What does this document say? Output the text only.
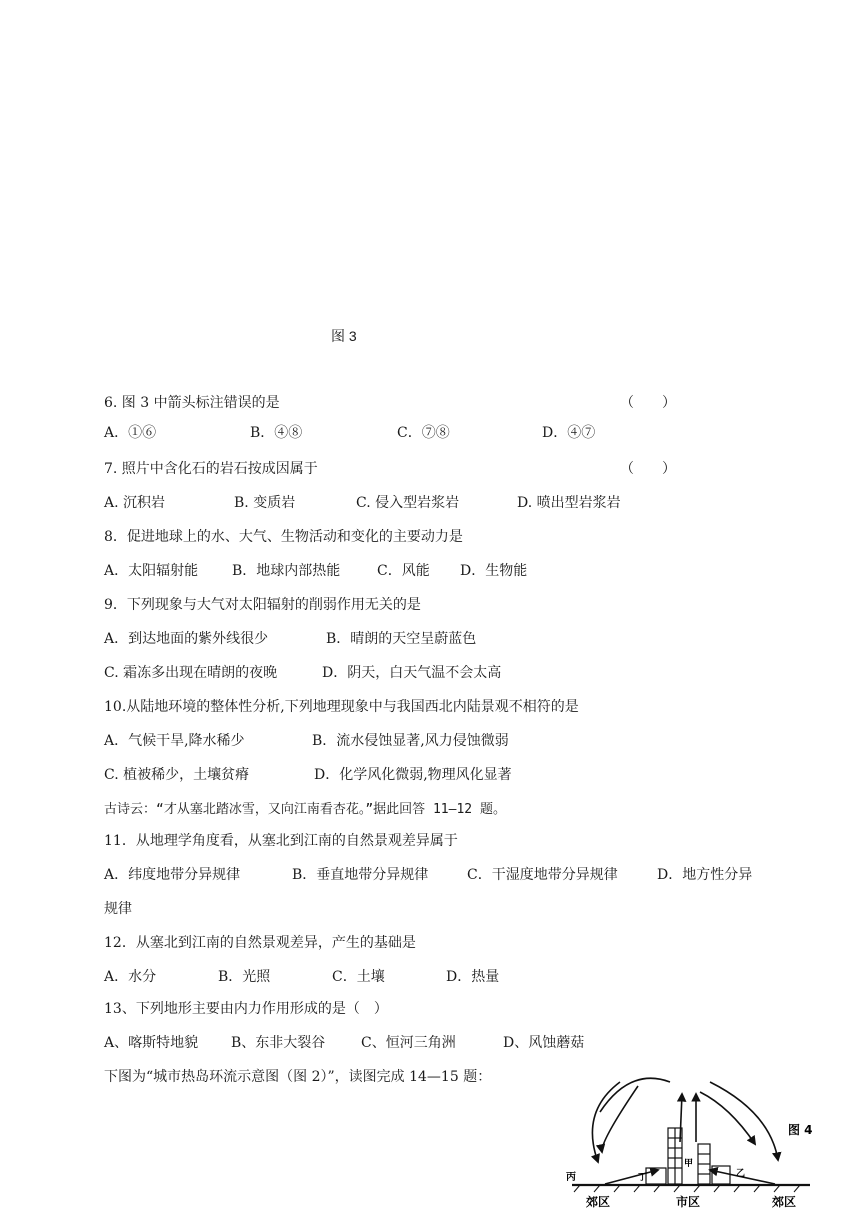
图 3
6. 图 3 中箭头标注错误的是	（　　）
A．①⑥	B．④⑧	C．⑦⑧	D．④⑦
7. 照片中含化石的岩石按成因属于	（　　）
A. 沉积岩	B. 变质岩	C. 侵入型岩浆岩	D. 喷出型岩浆岩
8．促进地球上的水、大气、生物活动和变化的主要动力是
A．太阳辐射能 B．地球内部热能	C．风能 D．生物能
9．下列现象与大气对太阳辐射的削弱作用无关的是
A．到达地面的紫外线很少	B．晴朗的天空呈蔚蓝色
C. 霜冻多出现在晴朗的夜晚	D．阴天，白天气温不会太高
10.从陆地环境的整体性分析,下列地理现象中与我国西北内陆景观不相符的是
A．气候干旱,降水稀少	B．流水侵蚀显著,风力侵蚀微弱
C. 植被稀少，土壤贫瘠	D．化学风化微弱,物理风化显著
古诗云：“才从塞北踏冰雪，又向江南看杏花。”据此回答 11—12 题。
11．从地理学角度看，从塞北到江南的自然景观差异属于
A．纬度地带分异规律	B．垂直地带分异规律	C．干湿度地带分异规律	D．地方性分异
规律
12．从塞北到江南的自然景观差异，产生的基础是
A．水分	B．光照	C．土壤	D．热量
13、下列地形主要由内力作用形成的是（　）
A、喀斯特地貌 B、东非大裂谷	C、恒河三角洲	D、风蚀蘑菇
下图为“城市热岛环流示意图（图 2）”，读图完成 14—15 题：
图 4
丙
甲
乙
丁
郊区	市区	郊区
